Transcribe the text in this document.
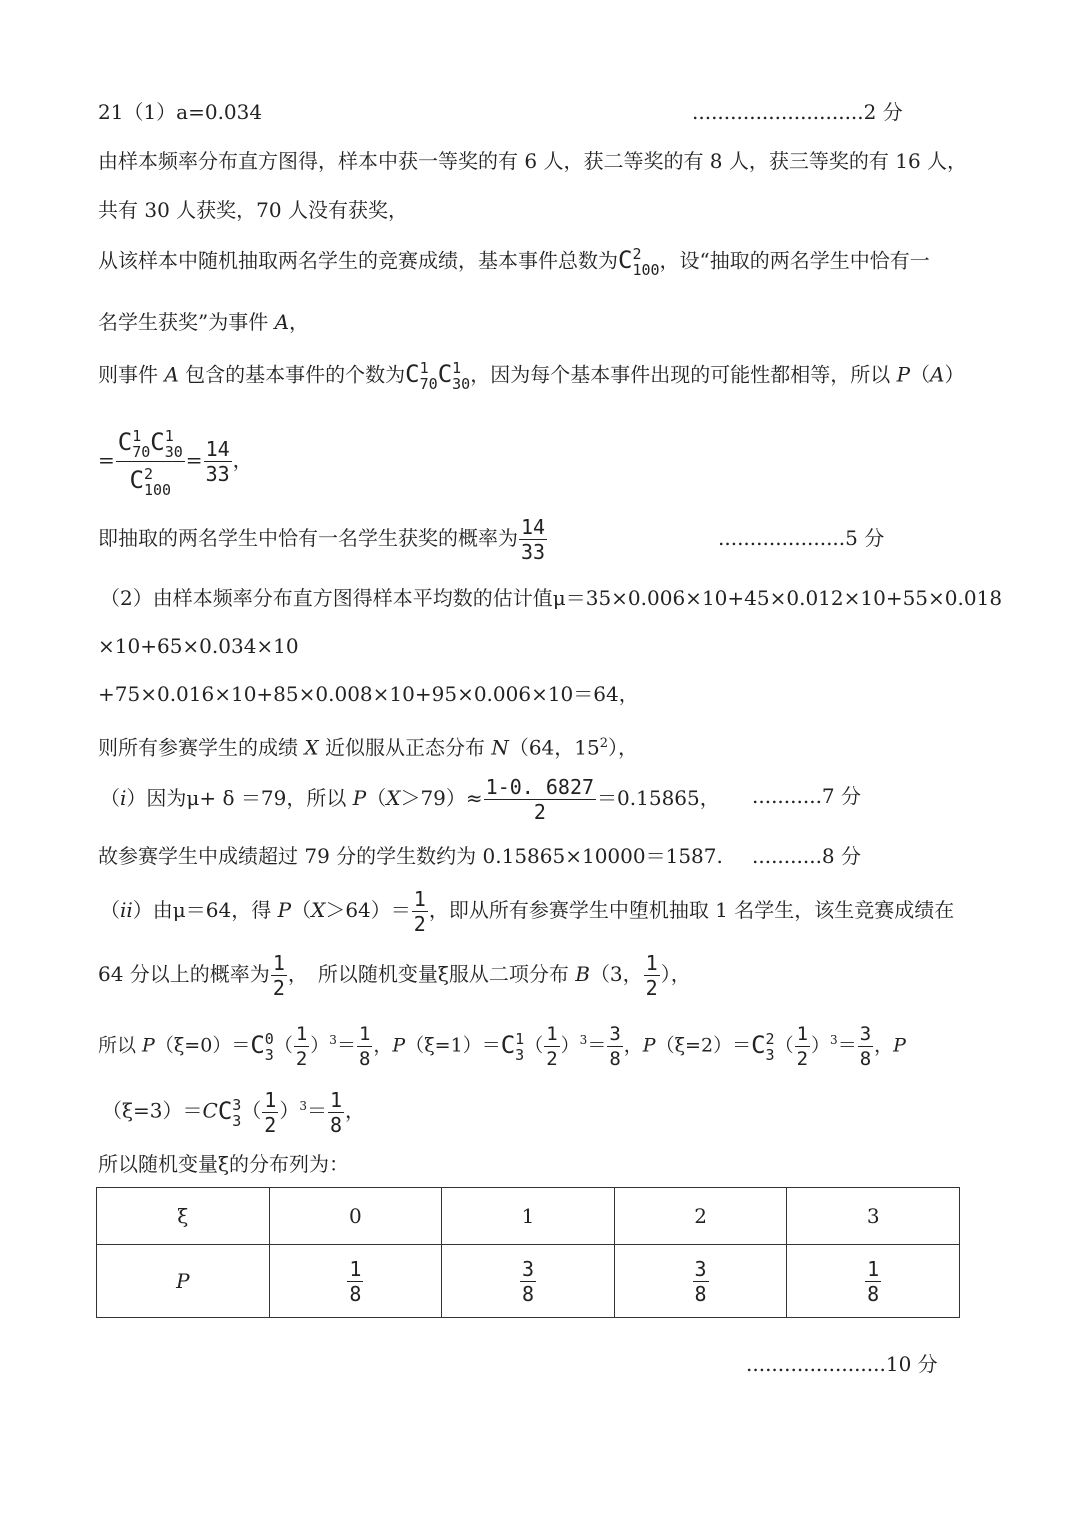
21（1）a=0.034	...........................2 分
由样本频率分布直方图得，样本中获一等奖的有 6 人，获二等奖的有 8 人，获三等奖的有 16 人，
共有 30 人获奖，70 人没有获奖，
从该样本中随机抽取两名学生的竞赛成绩，基本事件总数为C 2
100 ，设“抽取的两名学生中恰有一
名学生获奖”为事件 A，
则事件 A 包含的基本事件的个数为C 1
70 C 1
30 ，因为每个基本事件出现的可能性都相等，所以 P（A）
= C 1
70 C 1
30
C 2
$100 = \frac{14}{33}$ ，
即抽取的两名学生中恰有一名学生获奖的概率为 $\frac{14}{33}$	....................5 分
（2）由样本频率分布直方图得样本平均数的估计值μ＝35×0.006×10+45×0.012×10+55×0.018
×10+65×0.034×10
+75×0.016×10+85×0.008×10+95×0.006×10＝64，
则所有参赛学生的成绩 X 近似服从正态分布 N（64，$15^2$），
（i）因为μ+ δ ＝79，所以 $P(X>79)\approx \frac{1-0. 6827}{2} =0.15865$， ...........7 分
故参赛学生中成绩超过 79 分的学生数约为 0.15865×10000＝1587. ...........8 分
（ii）由μ＝64，得 $P(X>64)= \frac{1}{2}$ ，即从所有参赛学生中堕机抽取 1 名学生，该生竞赛成绩在
64 分以上的概率为 $\frac{1}{2}$ ，　所以随机变量ξ服从二项分布 B（3， $\frac{1}{2}$ ），
所以 P（ξ=0）＝C 0
3 （ $\frac{1}{2} )^3= \frac{1}{8}$ ，P（ξ=1）＝C 1
3 （ $\frac{1}{2} )^3= \frac{3}{8}$ ，P（ξ=2）＝C 2
3 （ $\frac{1}{2} )^3= \frac{3}{8}$ ，P
（ξ=3）＝CC 3
3 （ $\frac{1}{2} )^3= \frac{1}{8}$ ，
所以随机变量ξ的分布列为：
ξ	0	1	2	3
P	$\frac{1}{8}$	$\frac{3}{8}$	$\frac{3}{8}$	$\frac{1}{8}$
......................10 分
